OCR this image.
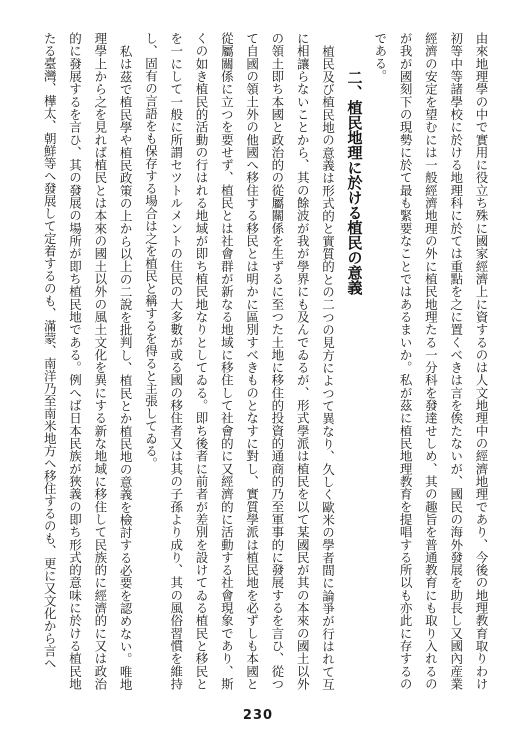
由來地理學の中で實用に役立ち殊に國家經濟上に資するのは人文地理中の經濟地理であり、今後の地理教育取りわけ初等中等諸學校に於ける地理科に於ては重點を之に置くべきは言を俟たないが、國民の海外發展を助長し又國內産業經濟の安定を望むには一般經濟地理の外に植民地理たる一分科を發達せしめ、其の趣旨を普通教育にも取り入れるのが我が國刻下の現勢に於て最も緊要なことではあるまいか。私が茲に植民地理教育を提唱する所以も亦此に存するのである。

二、植民地理に於ける植民の意義

植民及び植民地の意義は形式的と實質的との二つの見方によつて異なり、久しく歐米の學者間に論爭が行はれて互に相讓らないことから、其の餘波が我が學界にも及んでゐるが、形式學派は植民を以て某國民が其の本來の國土以外の領土即ち本國と政治的の從屬關係を生ずるに至つた土地に移住的投資的通商的乃至軍事的に發展するを言ひ、從つて自國の領土外の他國へ移住する移民とは明かに區別すべきものとなすに對し、實質學派は植民地を必ずしも本國と從屬關係に立つを要せず、植民とは社會群が新なる地域に移住して社會的に又經濟的に活動する社會現象であり、斯くの如き植民的活動の行はれる地域が即ち植民地なりとしてゐる。即ち後者に前者が差別を設けてゐる植民と移民とを一にして一般に所謂セツトルメントの住民の大多數が或る國の移住者又は其の子孫より成り、其の風俗習慣を維持し、固有の言語をも保存する場合は之を植民と稱するを得ると主張してゐる。

私は茲で植民學や植民政策の上から以上の二說を批判し、植民とか植民地の意義を檢討する必要を認めない。唯地理學上から之を見れば植民とは本來の國土以外の風土文化を異にする新な地域に移住して民族的に經濟的に又は政治的に發展するを言ひ、其の發展の場所が即ち植民地である。例へば日本民族が狹義の即ち形式的意味に於ける植民地たる臺灣、樺太、朝鮮等へ發展して定着するのも、滿蒙、南洋乃至南米地方へ移住するのも、更に又文化から言へ

230
